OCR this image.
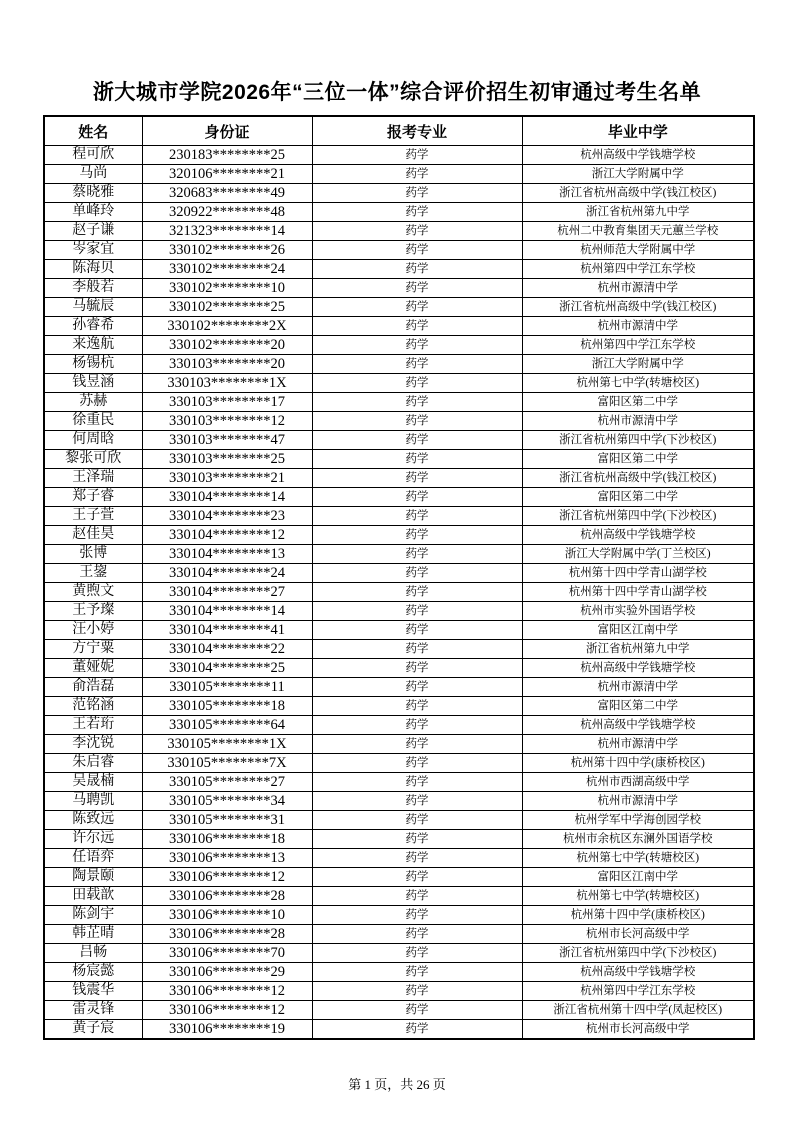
浙大城市学院2026年“三位一体”综合评价招生初审通过考生名单
姓名	身份证	报考专业	毕业中学
程可欣	230183********25	药学	杭州高级中学钱塘学校
马尚	320106********21	药学	浙江大学附属中学
蔡晓雅	320683********49	药学	浙江省杭州高级中学(钱江校区)
单峰玲	320922********48	药学	浙江省杭州第九中学
赵子谦	321323********14	药学	杭州二中教育集团天元蕙兰学校
岑家宜	330102********26	药学	杭州师范大学附属中学
陈海贝	330102********24	药学	杭州第四中学江东学校
李般若	330102********10	药学	杭州市源清中学
马毓辰	330102********25	药学	浙江省杭州高级中学(钱江校区)
孙睿希	330102********2X	药学	杭州市源清中学
来逸航	330102********20	药学	杭州第四中学江东学校
杨锡杭	330103********20	药学	浙江大学附属中学
钱昱涵	330103********1X	药学	杭州第七中学(转塘校区)
苏赫	330103********17	药学	富阳区第二中学
徐重民	330103********12	药学	杭州市源清中学
何周晗	330103********47	药学	浙江省杭州第四中学(下沙校区)
黎张可欣	330103********25	药学	富阳区第二中学
王泽瑞	330103********21	药学	浙江省杭州高级中学(钱江校区)
郑子睿	330104********14	药学	富阳区第二中学
王子萱	330104********23	药学	浙江省杭州第四中学(下沙校区)
赵佳昊	330104********12	药学	杭州高级中学钱塘学校
张博	330104********13	药学	浙江大学附属中学(丁兰校区)
王鋆	330104********24	药学	杭州第十四中学青山湖学校
黄煦文	330104********27	药学	杭州第十四中学青山湖学校
王予璨	330104********14	药学	杭州市实验外国语学校
汪小婷	330104********41	药学	富阳区江南中学
方宁粟	330104********22	药学	浙江省杭州第九中学
董娅妮	330104********25	药学	杭州高级中学钱塘学校
俞浩磊	330105********11	药学	杭州市源清中学
范铭涵	330105********18	药学	富阳区第二中学
王若珩	330105********64	药学	杭州高级中学钱塘学校
李沈锐	330105********1X	药学	杭州市源清中学
朱启睿	330105********7X	药学	杭州第十四中学(康桥校区)
吴晟楠	330105********27	药学	杭州市西湖高级中学
马聘凯	330105********34	药学	杭州市源清中学
陈致远	330105********31	药学	杭州学军中学海创园学校
许尔远	330106********18	药学	杭州市余杭区东澜外国语学校
任语弈	330106********13	药学	杭州第七中学(转塘校区)
陶景颐	330106********12	药学	富阳区江南中学
田载歆	330106********28	药学	杭州第七中学(转塘校区)
陈剑宇	330106********10	药学	杭州第十四中学(康桥校区)
韩芷晴	330106********28	药学	杭州市长河高级中学
吕畅	330106********70	药学	浙江省杭州第四中学(下沙校区)
杨宸懿	330106********29	药学	杭州高级中学钱塘学校
钱震华	330106********12	药学	杭州第四中学江东学校
雷灵锋	330106********12	药学	浙江省杭州第十四中学(凤起校区)
黄子宸	330106********19	药学	杭州市长河高级中学
第 1 页，共 26 页
